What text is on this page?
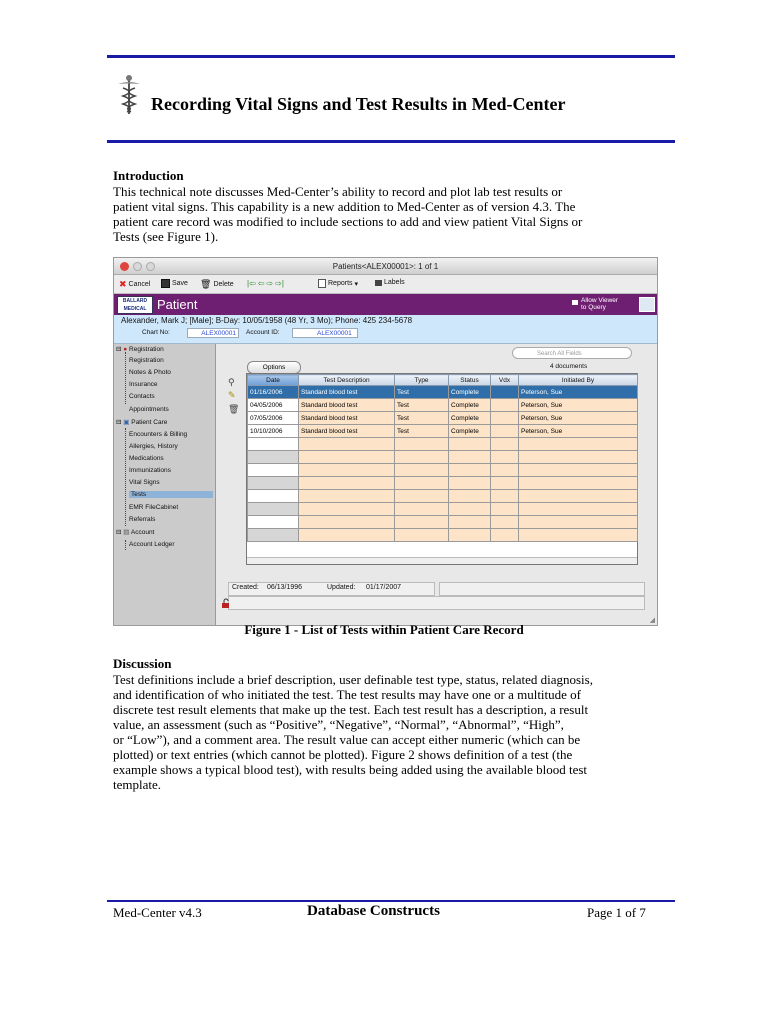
Recording Vital Signs and Test Results in Med-Center
Introduction
This technical note discusses Med-Center’s ability to record and plot lab test results or
patient vital signs. This capability is a new addition to Med-Center as of version 4.3. The
patient care record was modified to include sections to add and view patient Vital Signs or
Tests (see Figure 1).
Patients<ALEX00001>: 1 of 1
✖ Cancel	Save 🗑 Delete |⇦ ⇦ ⇨ ⇨|	Reports ▾	Labels
BALLARD
MEDICAL Patient	Allow Viewer
to Query
Alexander, Mark J; [Male]; B-Day: 10/05/1958 (48 Yr, 3 Mo); Phone: 425 234-5678
Chart No:	ALEX00001	Account ID:	ALEX00001
⊟ ● Registration
Registration
Notes & Photo
Insurance
Contacts
Appointments
⊟ ▣ Patient Care
Encounters & Billing
Allergies, History
Medications
Immunizations
Vital Signs
Tests
EMR FileCabinet
Referrals
⊟ ▤ Account
Account Ledger
Search All Fields
Options	4 documents
⚲
✎
🗑
Date	Test Description	Type	Status	Vdx	Initiated By
01/16/2006	Standard blood test	Test	Complete		Peterson, Sue
04/05/2006	Standard blood test	Test	Complete		Peterson, Sue
07/05/2006	Standard blood test	Test	Complete		Peterson, Sue
10/10/2006	Standard blood test	Test	Complete		Peterson, Sue

Created: 06/13/1996	Updated: 01/17/2007
◢
Figure 1 - List of Tests within Patient Care Record
Discussion
Test definitions include a brief description, user definable test type, status, related diagnosis,
and identification of who initiated the test. The test results may have one or a multitude of
discrete test result elements that make up the test. Each test result has a description, a result
value, an assessment (such as “Positive”, “Negative”, “Normal”, “Abnormal”, “High”,
or “Low”), and a comment area. The result value can accept either numeric (which can be
plotted) or text entries (which cannot be plotted). Figure 2 shows definition of a test (the
example shows a typical blood test), with results being added using the available blood test
template.
Med-Center v4.3	Database Constructs	Page 1 of 7
